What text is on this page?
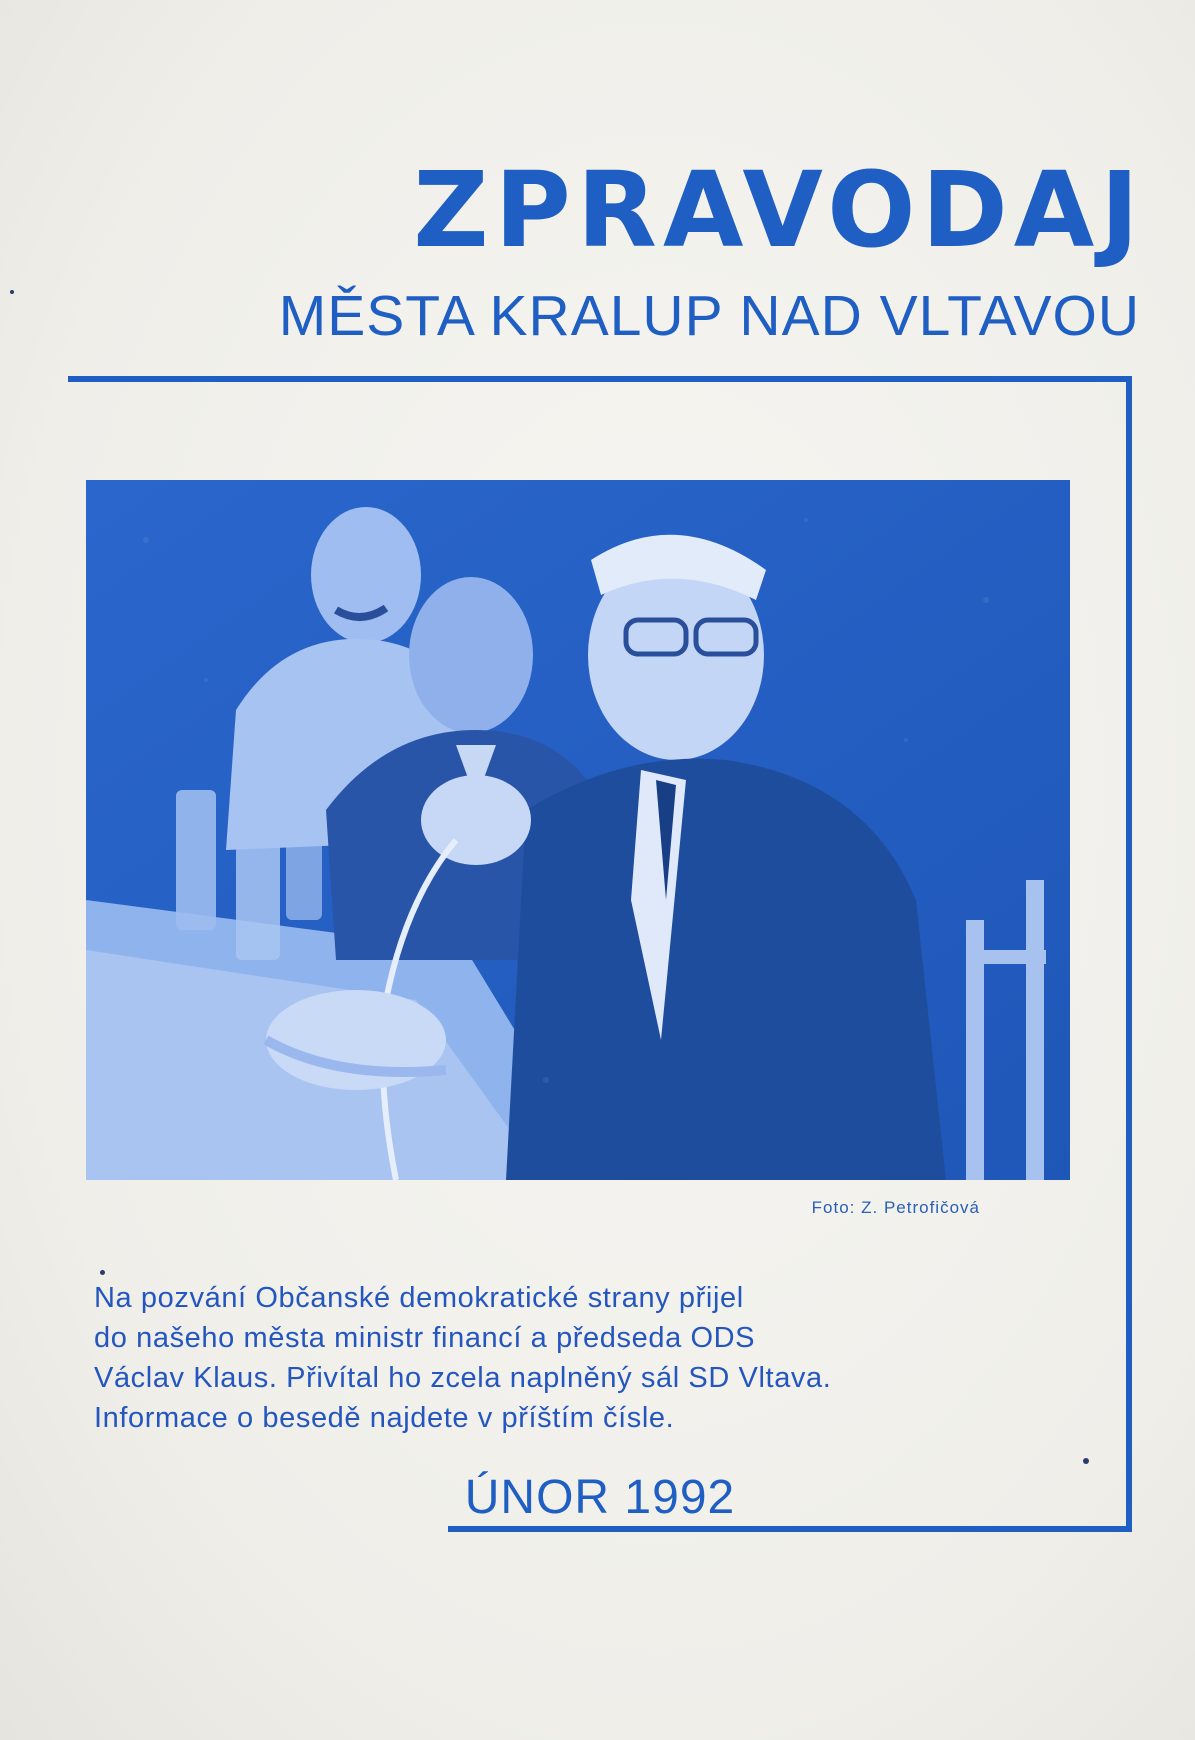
ZPRAVODAJ
MĚSTA KRALUP NAD VLTAVOU
Foto: Z. Petrofičová
Na pozvání Občanské demokratické strany přijel
do našeho města ministr financí a předseda ODS
Václav Klaus. Přivítal ho zcela naplněný sál SD Vltava.
Informace o besedě najdete v příštím čísle.
ÚNOR 1992
